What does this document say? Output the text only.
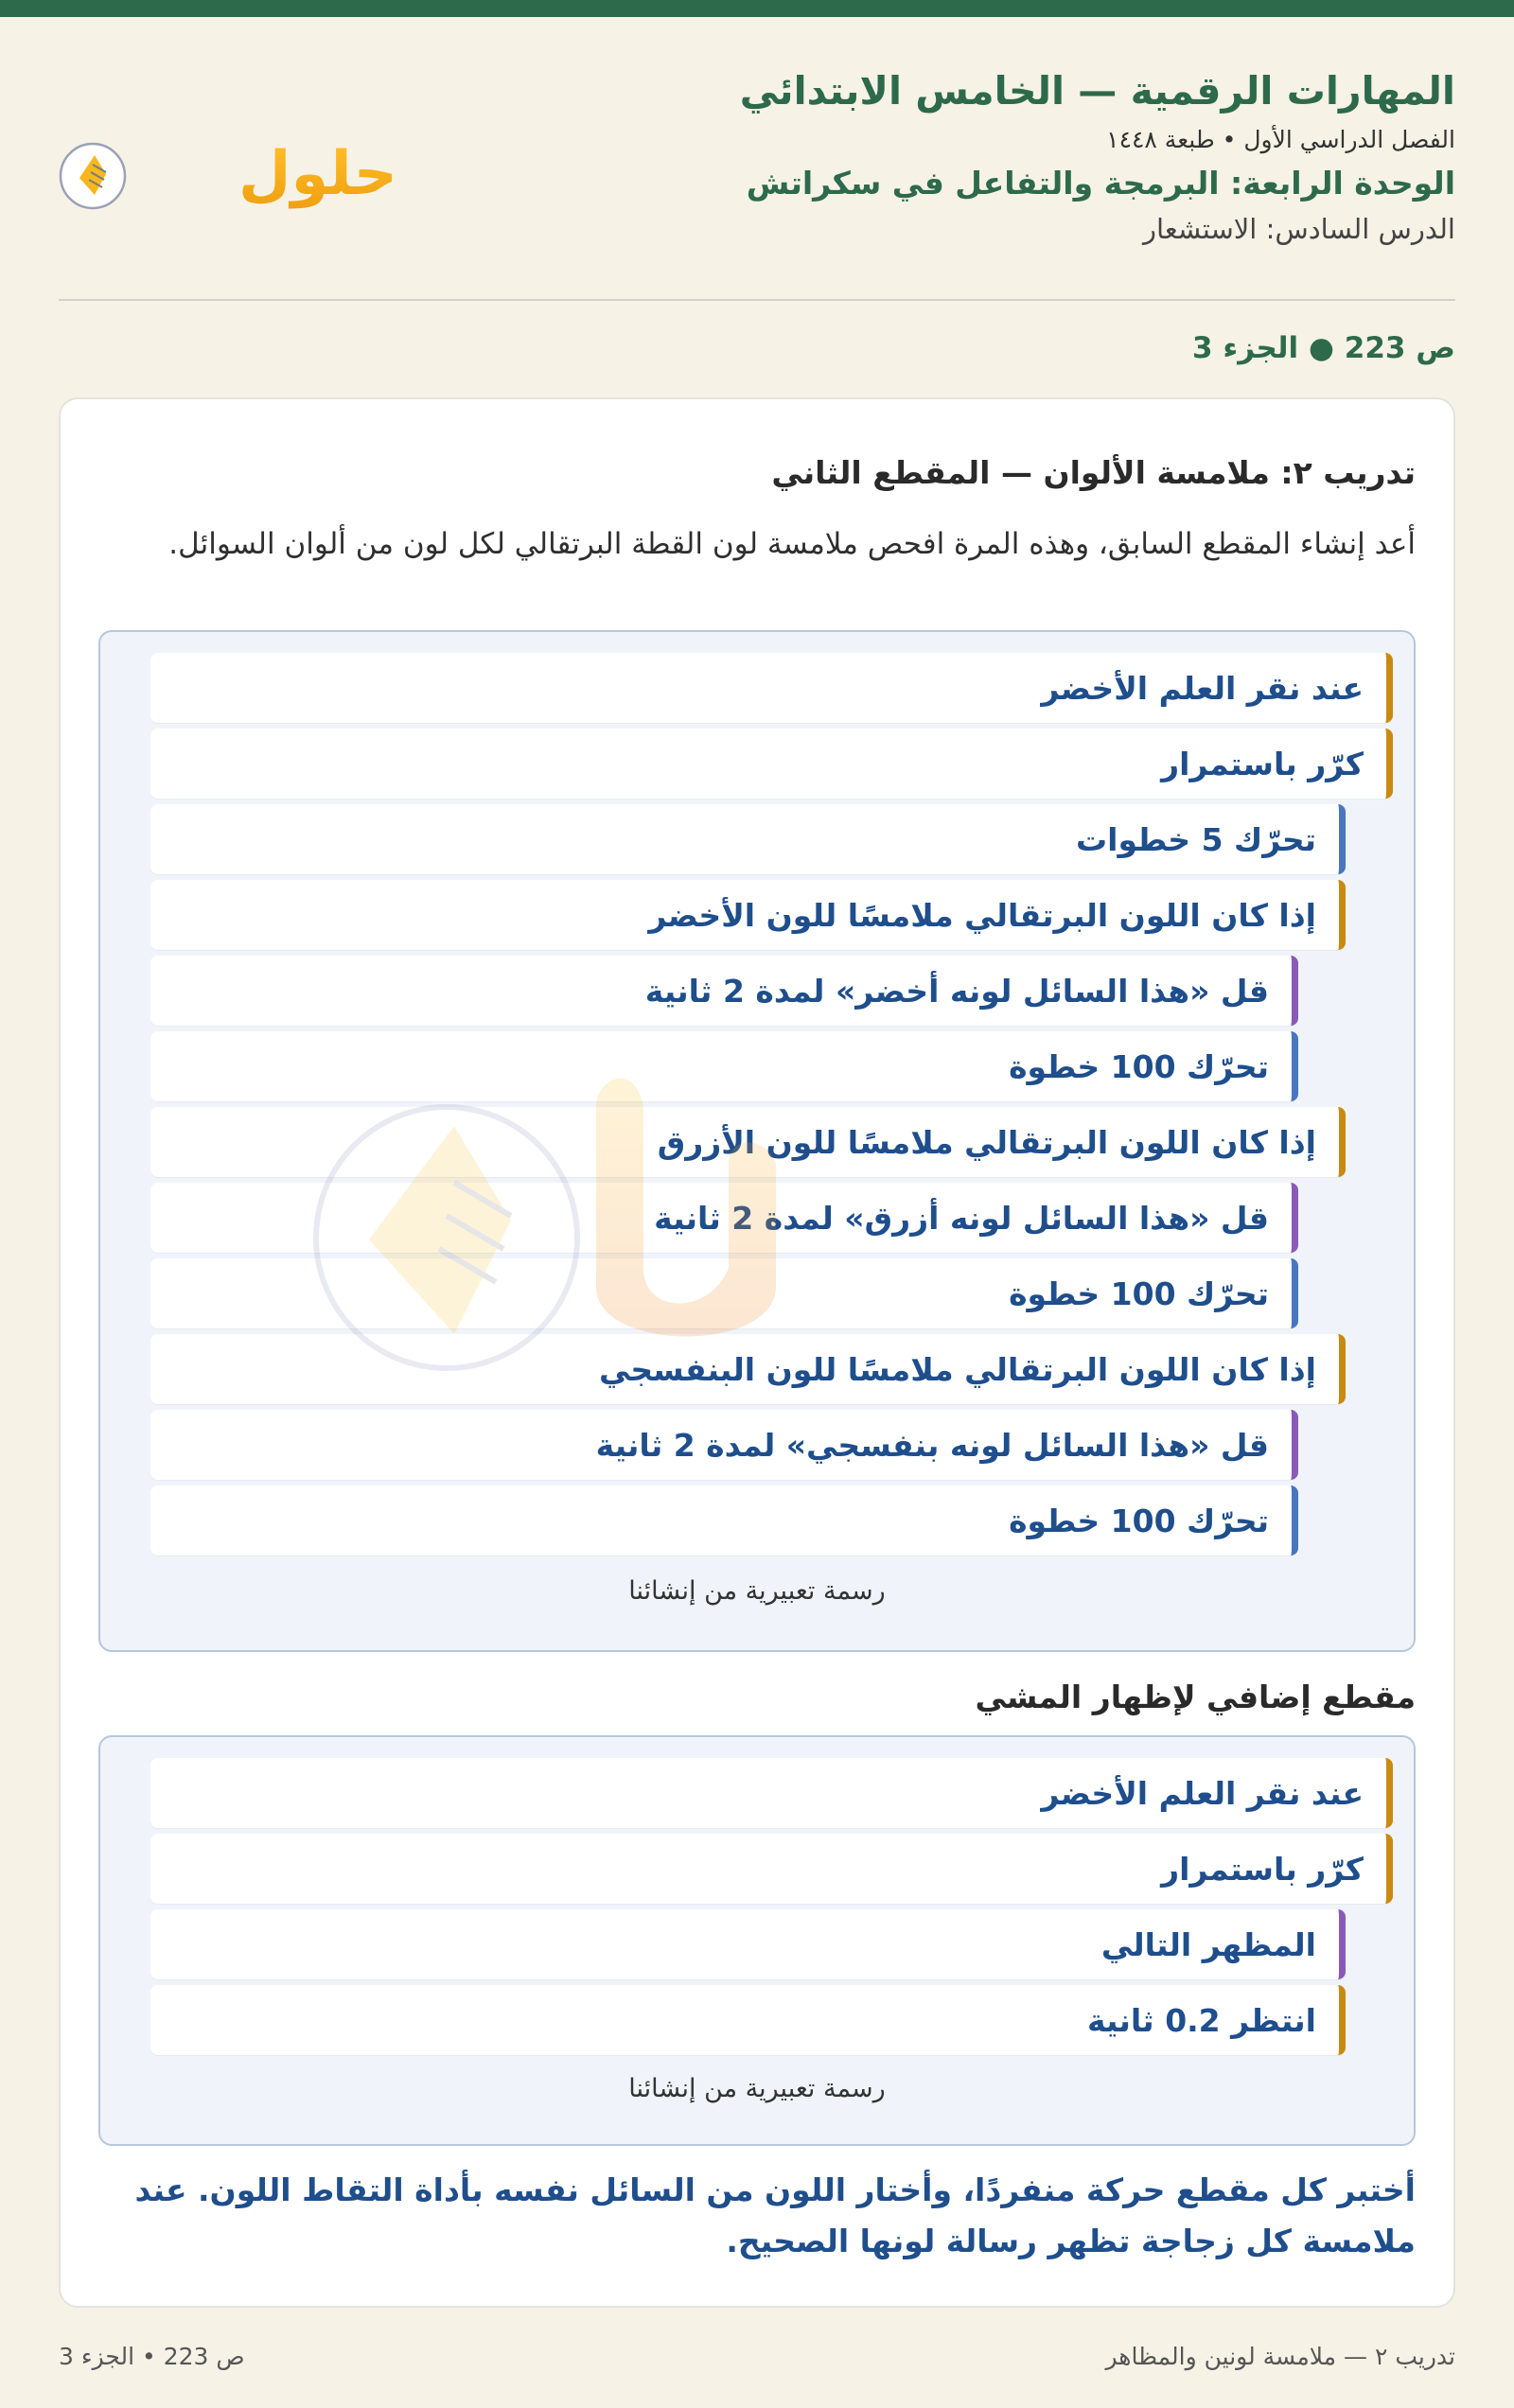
المهارات الرقمية — الخامس الابتدائي
الفصل الدراسي الأول • طبعة ١٤٤٨
الوحدة الرابعة: البرمجة والتفاعل في سكراتش
الدرس السادس: الاستشعار
حلول
ص 223 ● الجزء 3
تدريب ٢: ملامسة الألوان — المقطع الثاني
أعد إنشاء المقطع السابق، وهذه المرة افحص ملامسة لون القطة البرتقالي لكل لون من ألوان السوائل.
عند نقر العلم الأخضر
كرّر باستمرار
تحرّك 5 خطوات
إذا كان اللون البرتقالي ملامسًا للون الأخضر
قل «هذا السائل لونه أخضر» لمدة 2 ثانية
تحرّك 100 خطوة
إذا كان اللون البرتقالي ملامسًا للون الأزرق
قل «هذا السائل لونه أزرق» لمدة 2 ثانية
تحرّك 100 خطوة
إذا كان اللون البرتقالي ملامسًا للون البنفسجي
قل «هذا السائل لونه بنفسجي» لمدة 2 ثانية
تحرّك 100 خطوة
رسمة تعبيرية من إنشائنا
مقطع إضافي لإظهار المشي
عند نقر العلم الأخضر
كرّر باستمرار
المظهر التالي
انتظر 0.2 ثانية
رسمة تعبيرية من إنشائنا
أختبر كل مقطع حركة منفردًا، وأختار اللون من السائل نفسه بأداة التقاط اللون. عند ملامسة كل زجاجة تظهر رسالة لونها الصحيح.
ص 223 • الجزء 3	تدريب ٢ — ملامسة لونين والمظاهر
